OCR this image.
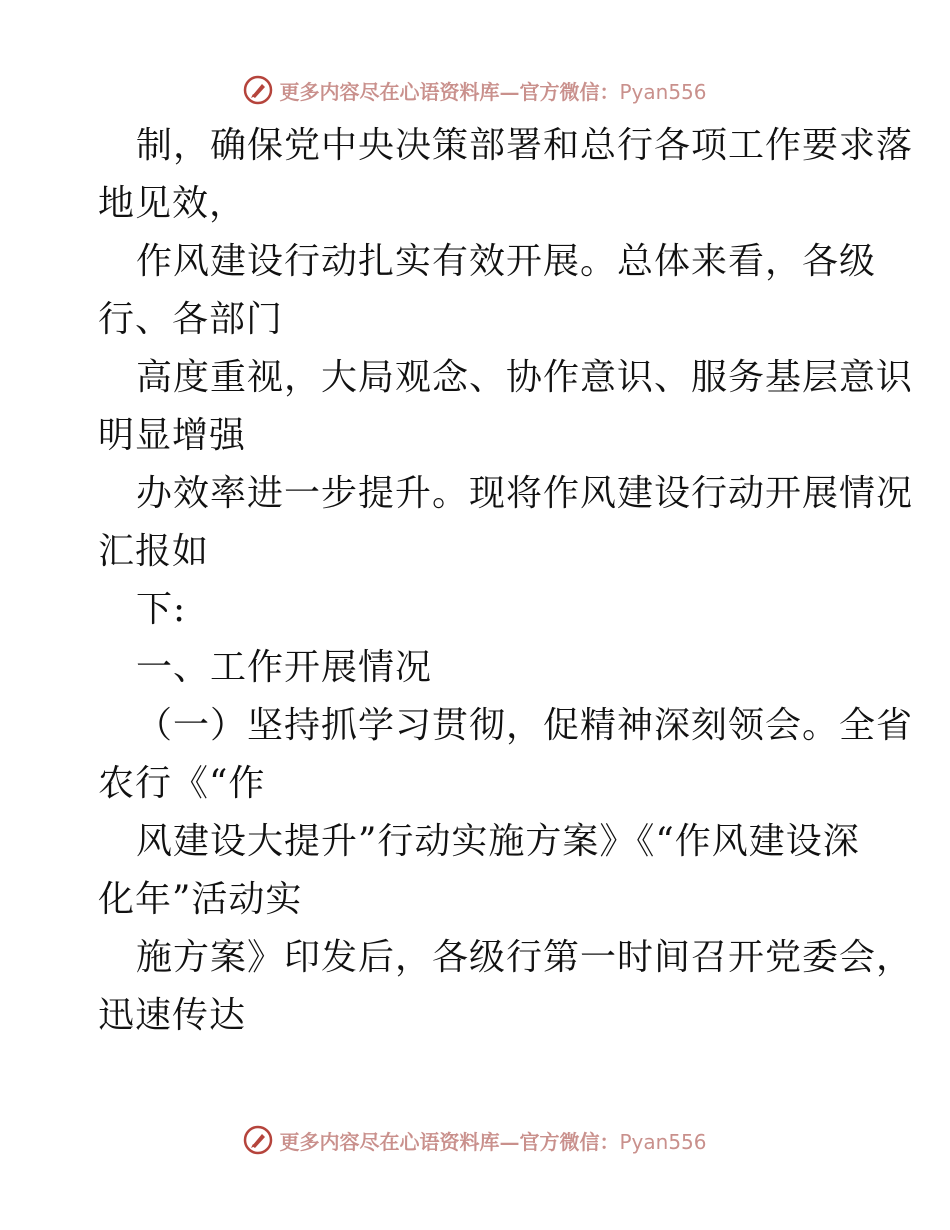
更多内容尽在心语资料库—官方微信：Pyan556
制，确保党中央决策部署和总行各项工作要求落
地见效，
作风建设行动扎实有效开展。总体来看，各级
行、各部门
高度重视，大局观念、协作意识、服务基层意识
明显增强
办效率进一步提升。现将作风建设行动开展情况
汇报如
下:
一、工作开展情况
（一）坚持抓学习贯彻，促精神深刻领会。全省
农行《“作
风建设大提升”行动实施方案》《“作风建设深
化年”活动实
施方案》印发后，各级行第一时间召开党委会，
迅速传达
更多内容尽在心语资料库—官方微信：Pyan556
